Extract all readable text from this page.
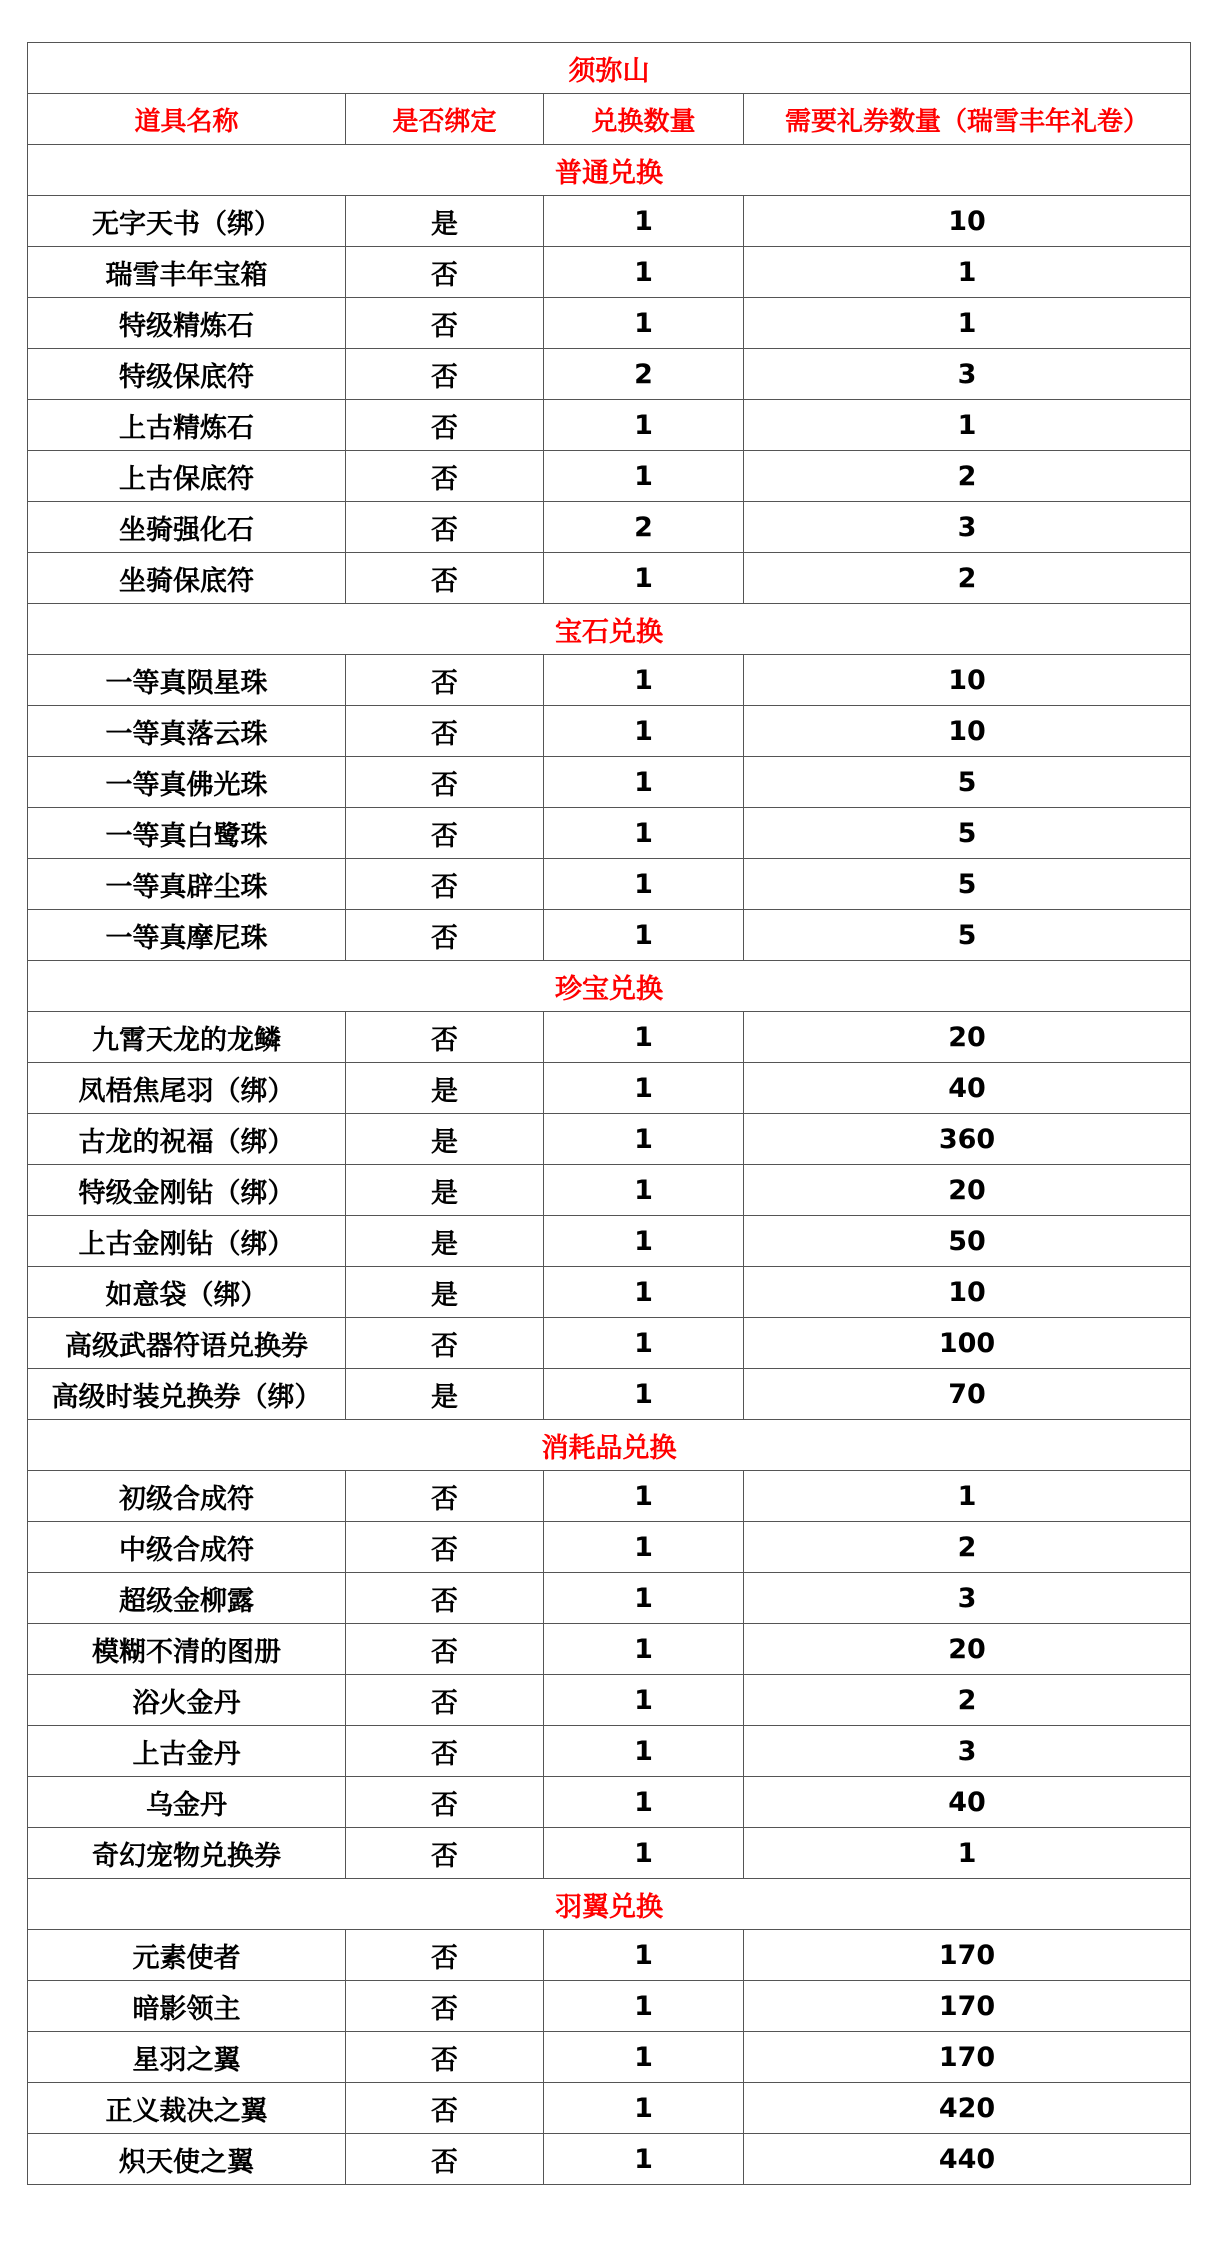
须弥山			
道具名称	是否绑定	兑换数量	需要礼券数量（瑞雪丰年礼卷）
普通兑换			
无字天书（绑）	是	1	10
瑞雪丰年宝箱	否	1	1
特级精炼石	否	1	1
特级保底符	否	2	3
上古精炼石	否	1	1
上古保底符	否	1	2
坐骑强化石	否	2	3
坐骑保底符	否	1	2
宝石兑换			
一等真陨星珠	否	1	10
一等真落云珠	否	1	10
一等真佛光珠	否	1	5
一等真白鹭珠	否	1	5
一等真辟尘珠	否	1	5
一等真摩尼珠	否	1	5
珍宝兑换			
九霄天龙的龙鳞	否	1	20
凤梧焦尾羽（绑）	是	1	40
古龙的祝福（绑）	是	1	360
特级金刚钻（绑）	是	1	20
上古金刚钻（绑）	是	1	50
如意袋（绑）	是	1	10
高级武器符语兑换券	否	1	100
高级时装兑换券（绑）	是	1	70
消耗品兑换			
初级合成符	否	1	1
中级合成符	否	1	2
超级金柳露	否	1	3
模糊不清的图册	否	1	20
浴火金丹	否	1	2
上古金丹	否	1	3
乌金丹	否	1	40
奇幻宠物兑换券	否	1	1
羽翼兑换			
元素使者	否	1	170
暗影领主	否	1	170
星羽之翼	否	1	170
正义裁决之翼	否	1	420
炽天使之翼	否	1	440
